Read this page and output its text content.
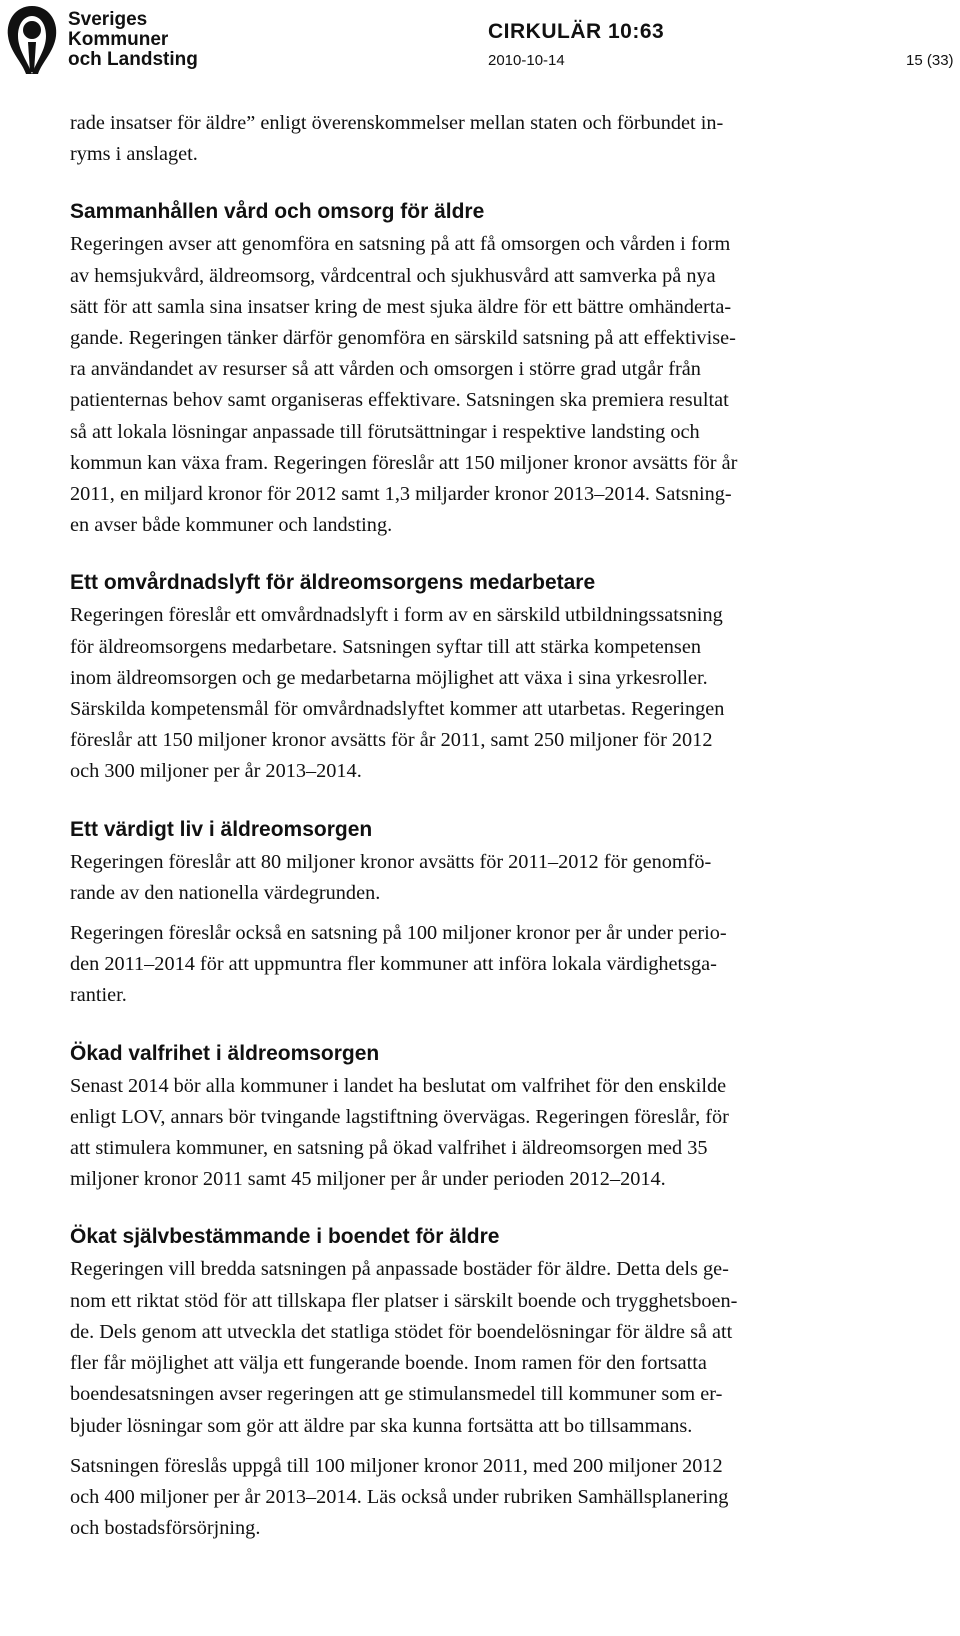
Sveriges
Kommuner
och Landsting
CIRKULÄR 10:63
2010-10-14	15 (33)

rade insatser för äldre” enligt överenskommelser mellan staten och förbundet in-
ryms i anslaget.

Sammanhållen vård och omsorg för äldre

Regeringen avser att genomföra en satsning på att få omsorgen och vården i form
av hemsjukvård, äldreomsorg, vårdcentral och sjukhusvård att samverka på nya
sätt för att samla sina insatser kring de mest sjuka äldre för ett bättre omhänderta-
gande. Regeringen tänker därför genomföra en särskild satsning på att effektivise-
ra användandet av resurser så att vården och omsorgen i större grad utgår från
patienternas behov samt organiseras effektivare. Satsningen ska premiera resultat
så att lokala lösningar anpassade till förutsättningar i respektive landsting och
kommun kan växa fram. Regeringen föreslår att 150 miljoner kronor avsätts för år
2011, en miljard kronor för 2012 samt 1,3 miljarder kronor 2013–2014. Satsning-
en avser både kommuner och landsting.

Ett omvårdnadslyft för äldreomsorgens medarbetare

Regeringen föreslår ett omvårdnadslyft i form av en särskild utbildningssatsning
för äldreomsorgens medarbetare. Satsningen syftar till att stärka kompetensen
inom äldreomsorgen och ge medarbetarna möjlighet att växa i sina yrkesroller.
Särskilda kompetensmål för omvårdnadslyftet kommer att utarbetas. Regeringen
föreslår att 150 miljoner kronor avsätts för år 2011, samt 250 miljoner för 2012
och 300 miljoner per år 2013–2014.

Ett värdigt liv i äldreomsorgen

Regeringen föreslår att 80 miljoner kronor avsätts för 2011–2012 för genomfö-
rande av den nationella värdegrunden.

Regeringen föreslår också en satsning på 100 miljoner kronor per år under perio-
den 2011–2014 för att uppmuntra fler kommuner att införa lokala värdighetsga-
rantier.

Ökad valfrihet i äldreomsorgen

Senast 2014 bör alla kommuner i landet ha beslutat om valfrihet för den enskilde
enligt LOV, annars bör tvingande lagstiftning övervägas. Regeringen föreslår, för
att stimulera kommuner, en satsning på ökad valfrihet i äldreomsorgen med 35
miljoner kronor 2011 samt 45 miljoner per år under perioden 2012–2014.

Ökat självbestämmande i boendet för äldre

Regeringen vill bredda satsningen på anpassade bostäder för äldre. Detta dels ge-
nom ett riktat stöd för att tillskapa fler platser i särskilt boende och trygghetsboen-
de. Dels genom att utveckla det statliga stödet för boendelösningar för äldre så att
fler får möjlighet att välja ett fungerande boende. Inom ramen för den fortsatta
boendesatsningen avser regeringen att ge stimulansmedel till kommuner som er-
bjuder lösningar som gör att äldre par ska kunna fortsätta att bo tillsammans.

Satsningen föreslås uppgå till 100 miljoner kronor 2011, med 200 miljoner 2012
och 400 miljoner per år 2013–2014. Läs också under rubriken Samhällsplanering
och bostadsförsörjning.
